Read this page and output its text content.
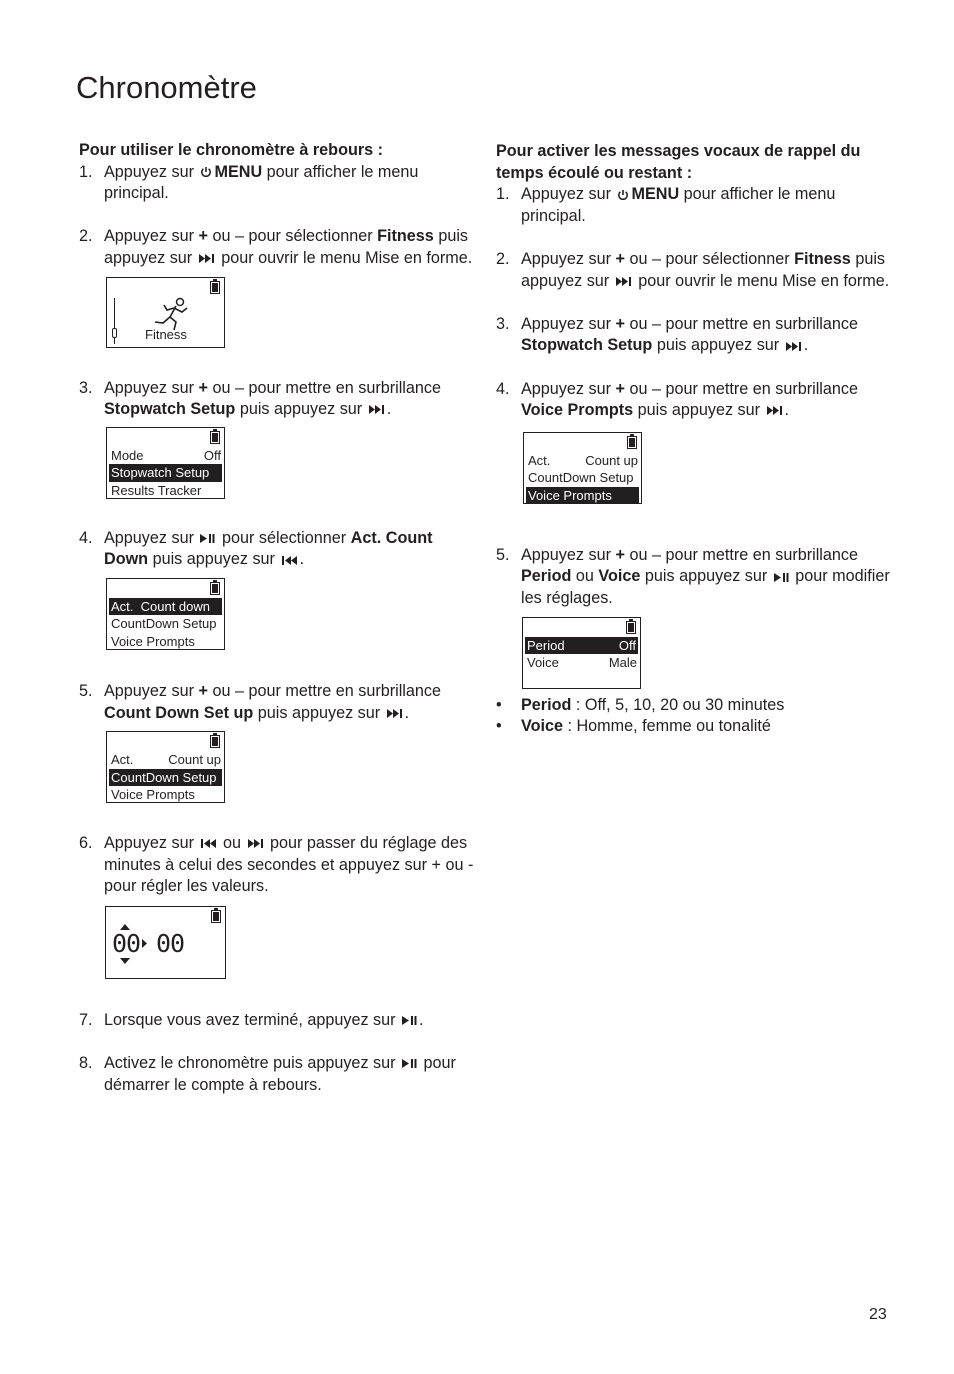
Chronomètre

Pour utiliser le chronomètre à rebours :

1. Appuyez sur MENU pour afficher le menu principal.
2. Appuyez sur + ou – pour sélectionner Fitness puis appuyez sur pour ouvrir le menu Mise en forme.
Fitness
3. Appuyez sur + ou – pour mettre en surbrillance Stopwatch Setup puis appuyez sur .
Mode	Off
Stopwatch Setup
Results Tracker
4. Appuyez sur pour sélectionner Act. Count Down puis appuyez sur .
Act.  Count down
CountDown Setup
Voice Prompts
5. Appuyez sur + ou – pour mettre en surbrillance Count Down Set up puis appuyez sur .
Act.	Count up
CountDown Setup
Voice Prompts
6. Appuyez sur ou pour passer du réglage des minutes à celui des secondes et appuyez sur + ou - pour régler les valeurs.
00 00
7. Lorsque vous avez terminé, appuyez sur .
8. Activez le chronomètre puis appuyez sur pour démarrer le compte à rebours.

Pour activer les messages vocaux de rappel du temps écoulé ou restant :

1. Appuyez sur MENU pour afficher le menu principal.
2. Appuyez sur + ou – pour sélectionner Fitness puis appuyez sur pour ouvrir le menu Mise en forme.
3. Appuyez sur + ou – pour mettre en surbrillance Stopwatch Setup puis appuyez sur .
4. Appuyez sur + ou – pour mettre en surbrillance Voice Prompts puis appuyez sur .
Act.	Count up
CountDown Setup
Voice Prompts
5. Appuyez sur + ou – pour mettre en surbrillance Period ou Voice puis appuyez sur pour modifier les réglages.
Period	Off
Voice	Male
• Period : Off, 5, 10, 20 ou 30 minutes
• Voice : Homme, femme ou tonalité
23
